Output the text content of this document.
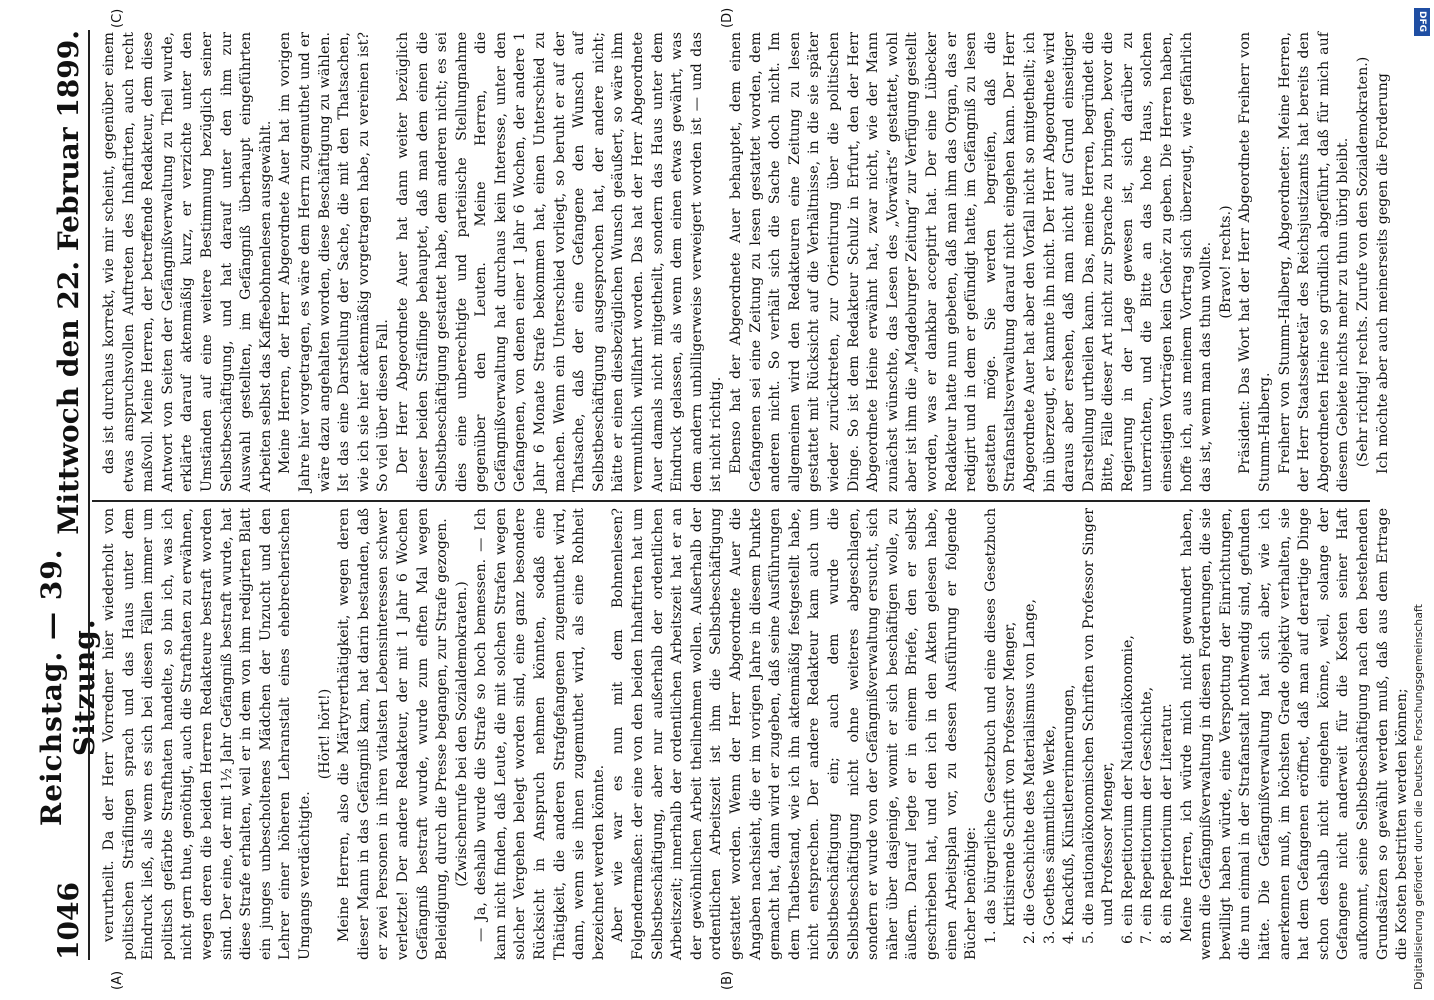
1046
Reichstag. — 39. Sitzung.
Mittwoch den 22. Februar 1899.
(A)	(B)
(C)	(D)

verurtheilt. Da der Herr Vorredner hier wiederholt von politischen Sträflingen sprach und das Haus unter dem Eindruck ließ, als wenn es sich bei diesen Fällen immer um politisch gefärbte Strafthaten handelte, so bin ich, was ich nicht gern thue, genöthigt, auch die Strafthaten zu erwähnen, wegen deren die beiden Herren Redakteure bestraft worden sind. Der eine, der mit 1½ Jahr Gefängniß bestraft wurde, hat diese Strafe erhalten, weil er in dem von ihm redigirten Blatt ein junges unbescholtenes Mädchen der Unzucht und den Lehrer einer höheren Lehranstalt eines ehebrecherischen Umgangs verdächtigte.

(Hört! hört!) Meine Herren, also die Märtyrerthätigkeit, wegen deren dieser Mann in das Gefängniß kam, hat darin bestanden, daß er zwei Personen in ihren vitalsten Lebensinteressen schwer verletzte! Der andere Redakteur, der mit 1 Jahr 6 Wochen Gefängniß bestraft wurde, wurde zum elften Mal wegen Beleidigung, durch die Presse begangen, zur Strafe gezogen. (Zwischenrufe bei den Sozialdemokraten.) — Ja, deshalb wurde die Strafe so hoch bemessen. — Ich kann nicht finden, daß Leute, die mit solchen Strafen wegen solcher Vergehen belegt worden sind, eine ganz besondere Rücksicht in Anspruch nehmen könnten, sodaß eine Thätigkeit, die anderen Strafgefangenen zugemuthet wird, dann, wenn sie ihnen zugemuthet wird, als eine Rohheit bezeichnet werden könnte. Aber wie war es nun mit dem Bohnenlesen? Folgendermaßen: der eine von den beiden Inhaftirten hat um Selbstbeschäftigung, aber nur außerhalb der ordentlichen Arbeitszeit; innerhalb der ordentlichen Arbeitszeit hat er an der gewöhnlichen Arbeit theilnehmen wollen. Außerhalb der ordentlichen Arbeitszeit ist ihm die Selbstbeschäftigung gestattet worden. Wenn der Herr Abgeordnete Auer die Angaben nachsieht, die er im vorigen Jahre in diesem Punkte gemacht hat, dann wird er zugeben, daß seine Ausführungen dem Thatbestand, wie ich ihn aktenmäßig festgestellt habe, nicht entsprechen. Der andere Redakteur kam auch um Selbstbeschäftigung ein; auch dem wurde die Selbstbeschäftigung nicht ohne weiteres abgeschlagen, sondern er wurde von der Gefängnißverwaltung ersucht, sich näher über dasjenige, womit er sich beschäftigen wolle, zu äußern. Darauf legte er in einem Briefe, den er selbst geschrieben hat, und den ich in den Akten gelesen habe, einen Arbeitsplan vor, zu dessen Ausführung er folgende Bücher benöthige: 1. das bürgerliche Gesetzbuch und eine dieses Gesetzbuch kritisirende Schrift von Professor Menger, 2. die Geschichte des Materialismus von Lange, 3. Goethes sämmtliche Werke, 4. Knackfuß, Künstlererinnerungen, 5. die nationalökonomischen Schriften von Professor Singer und Professor Menger, 6. ein Repetitorium der Nationalökonomie, 7. ein Repetitorium der Geschichte, 8. ein Repetitorium der Literatur. Meine Herren, ich würde mich nicht gewundert haben, wenn die Gefängnißverwaltung in diesen Forderungen, die sie bewilligt haben würde, eine Verspottung der Einrichtungen, die nun einmal in der Strafanstalt nothwendig sind, gefunden hätte. Die Gefängnißverwaltung hat sich aber, wie ich anerkennen muß, im höchsten Grade objektiv verhalten, sie hat dem Gefangenen eröffnet, daß man auf derartige Dinge schon deshalb nicht eingehen könne, weil, solange der Gefangene nicht anderweit für die Kosten seiner Haft aufkommt, seine Selbstbeschäftigung nach den bestehenden Grundsätzen so gewählt werden muß, daß aus dem Ertrage die Kosten bestritten werden können;

das ist durchaus korrekt, wie mir scheint, gegenüber einem etwas anspruchsvollen Auftreten des Inhaftirten, auch recht maßvoll. Meine Herren, der betreffende Redakteur, dem diese Antwort von Seiten der Gefängnißverwaltung zu Theil wurde, erklärte darauf aktenmäßig kurz, er verzichte unter den Umständen auf eine weitere Bestimmung bezüglich seiner Selbstbeschäftigung, und hat darauf unter den ihm zur Auswahl gestellten, im Gefängniß überhaupt eingeführten Arbeiten selbst das Kaffeebohnenlesen ausgewählt. Meine Herren, der Herr Abgeordnete Auer hat im vorigen Jahre hier vorgetragen, es wäre dem Herrn zugemuthet und er wäre dazu angehalten worden, diese Beschäftigung zu wählen. Ist das eine Darstellung der Sache, die mit den Thatsachen, wie ich sie hier aktenmäßig vorgetragen habe, zu vereinen ist? So viel über diesen Fall. Der Herr Abgeordnete Auer hat dann weiter bezüglich dieser beiden Sträflinge behauptet, daß man dem einen die Selbstbeschäftigung gestattet habe, dem anderen nicht; es sei dies eine unberechtigte und parteiische Stellungnahme gegenüber den Leuten. Meine Herren, die Gefängnißverwaltung hat durchaus kein Interesse, unter den Gefangenen, von denen einer 1 Jahr 6 Wochen, der andere 1 Jahr 6 Monate Strafe bekommen hat, einen Unterschied zu machen. Wenn ein Unterschied vorliegt, so beruht er auf der Thatsache, daß der eine Gefangene den Wunsch auf Selbstbeschäftigung ausgesprochen hat, der andere nicht; hätte er einen diesbezüglichen Wunsch geäußert, so wäre ihm vermuthlich willfahrt worden. Das hat der Herr Abgeordnete Auer damals nicht mitgetheilt, sondern das Haus unter dem Eindruck gelassen, als wenn dem einen etwas gewährt, was dem andern unbilligerweise verweigert worden ist — und das ist nicht richtig. Ebenso hat der Abgeordnete Auer behauptet, dem einen Gefangenen sei eine Zeitung zu lesen gestattet worden, dem anderen nicht. So verhält sich die Sache doch nicht. Im allgemeinen wird den Redakteuren eine Zeitung zu lesen gestattet mit Rücksicht auf die Verhältnisse, in die sie später wieder zurücktreten, zur Orientirung über die politischen Dinge. So ist dem Redakteur Schulz in Erfurt, den der Herr Abgeordnete Heine erwähnt hat, zwar nicht, wie der Mann zunächst wünschte, das Lesen des „Vorwärts“ gestattet, wohl aber ist ihm die „Magdeburger Zeitung“ zur Verfügung gestellt worden, was er dankbar acceptirt hat. Der eine Lübecker Redakteur hatte nun gebeten, daß man ihm das Organ, das er redigirt und in dem er gefündigt hatte, im Gefängniß zu lesen gestatten möge. Sie werden begreifen, daß die Strafanstaltsverwaltung darauf nicht eingehen kann. Der Herr Abgeordnete Auer hat aber den Vorfall nicht so mitgetheilt; ich bin überzeugt, er kannte ihn nicht. Der Herr Abgeordnete wird daraus aber ersehen, daß man nicht auf Grund einseitiger Darstellung urtheilen kann. Das, meine Herren, begründet die Bitte, Fälle dieser Art nicht zur Sprache zu bringen, bevor die Regierung in der Lage gewesen ist, sich darüber zu unterrichten, und die Bitte an das hohe Haus, solchen einseitigen Vorträgen kein Gehör zu geben. Die Herren haben, hoffe ich, aus meinem Vortrag sich überzeugt, wie gefährlich das ist, wenn man das thun wollte. (Bravo! rechts.) Präsident: Das Wort hat der Herr Abgeordnete Freiherr von Stumm-Halberg. Freiherr von Stumm-Halberg, Abgeordneter: Meine Herren, der Herr Staatssekretär des Reichsjustizamts hat bereits den Abgeordneten Heine so gründlich abgeführt, daß für mich auf diesem Gebiete nichts mehr zu thun übrig bleibt. (Sehr richtig! rechts. Zurufe von den Sozialdemokraten.) Ich möchte aber auch meinerseits gegen die Forderung

Digitalisierung gefördert durch die Deutsche Forschungsgemeinschaft
DFG
